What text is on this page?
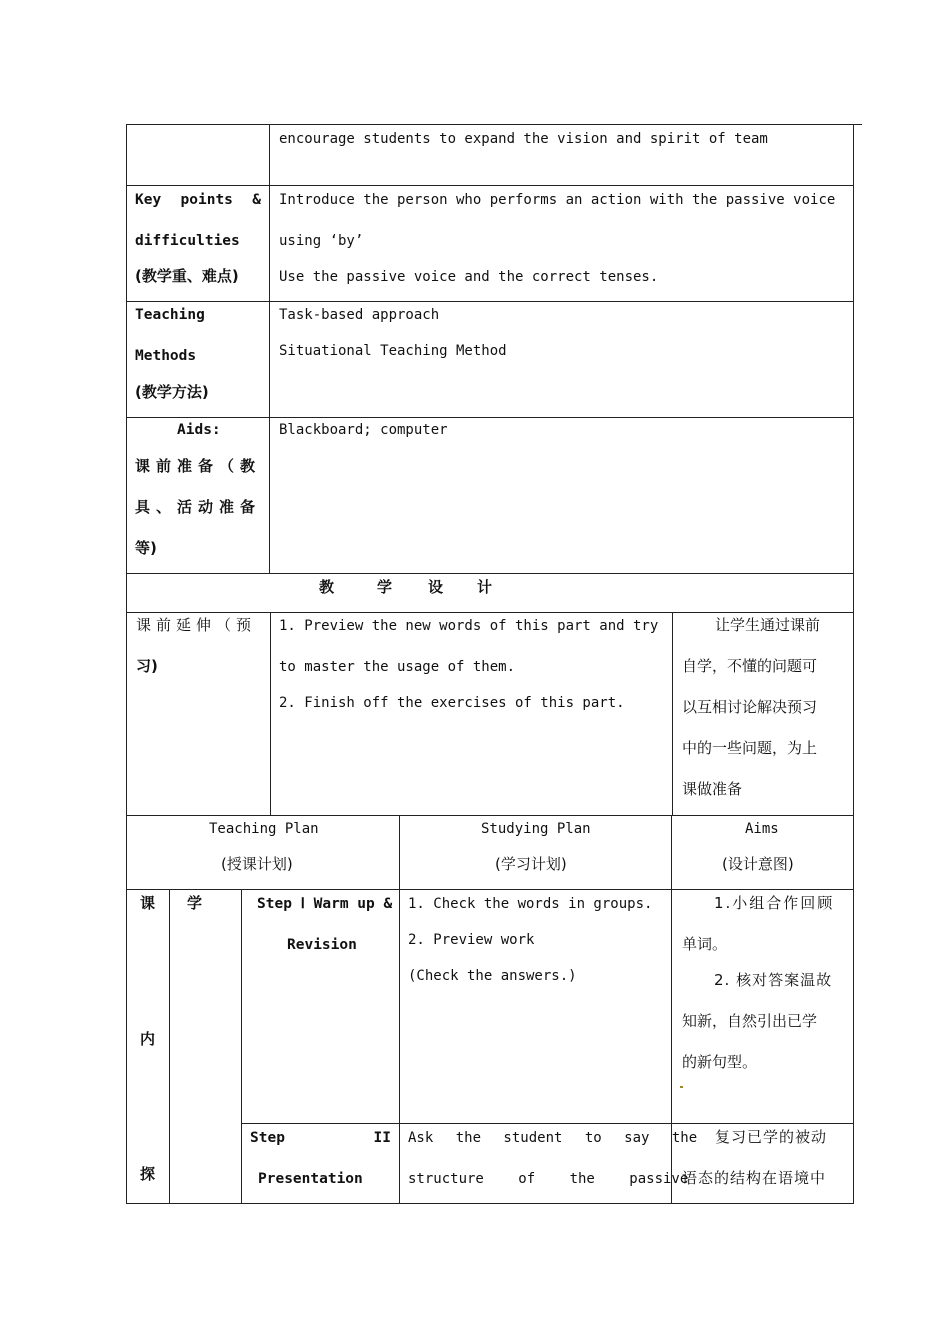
encourage students to expand the vision and spirit of team
Key points &
difficulties
(教学重、难点)
Introduce the person who performs an action with the passive voice
using ‘by’
Use the passive voice and the correct tenses.
Teaching
Methods
(教学方法)
Task-based approach
Situational Teaching Method
Aids:
课前准备（教
具、活动准备
等)
Blackboard; computer
教	学 设 计
课前延伸（预
习)
1. Preview the new words of this part and try
to master the usage of them.
2. Finish off the exercises of this part.
让学生通过课前
自学，不懂的问题可
以互相讨论解决预习
中的一些问题，为上
课做准备
Teaching Plan
(授课计划)
Studying Plan
(学习计划)
Aims
(设计意图)
课 学
内
探
Step Ⅰ Warm up &
Revision
1. Check the words in groups.
2. Preview work
(Check the answers.)
1.小组合作回顾
单词。
2. 核对答案温故
知新，自然引出已学
的新句型。
Step	II
Presentation
Ask the student to say the
structure of the passive
复习已学的被动
语态的结构在语境中
